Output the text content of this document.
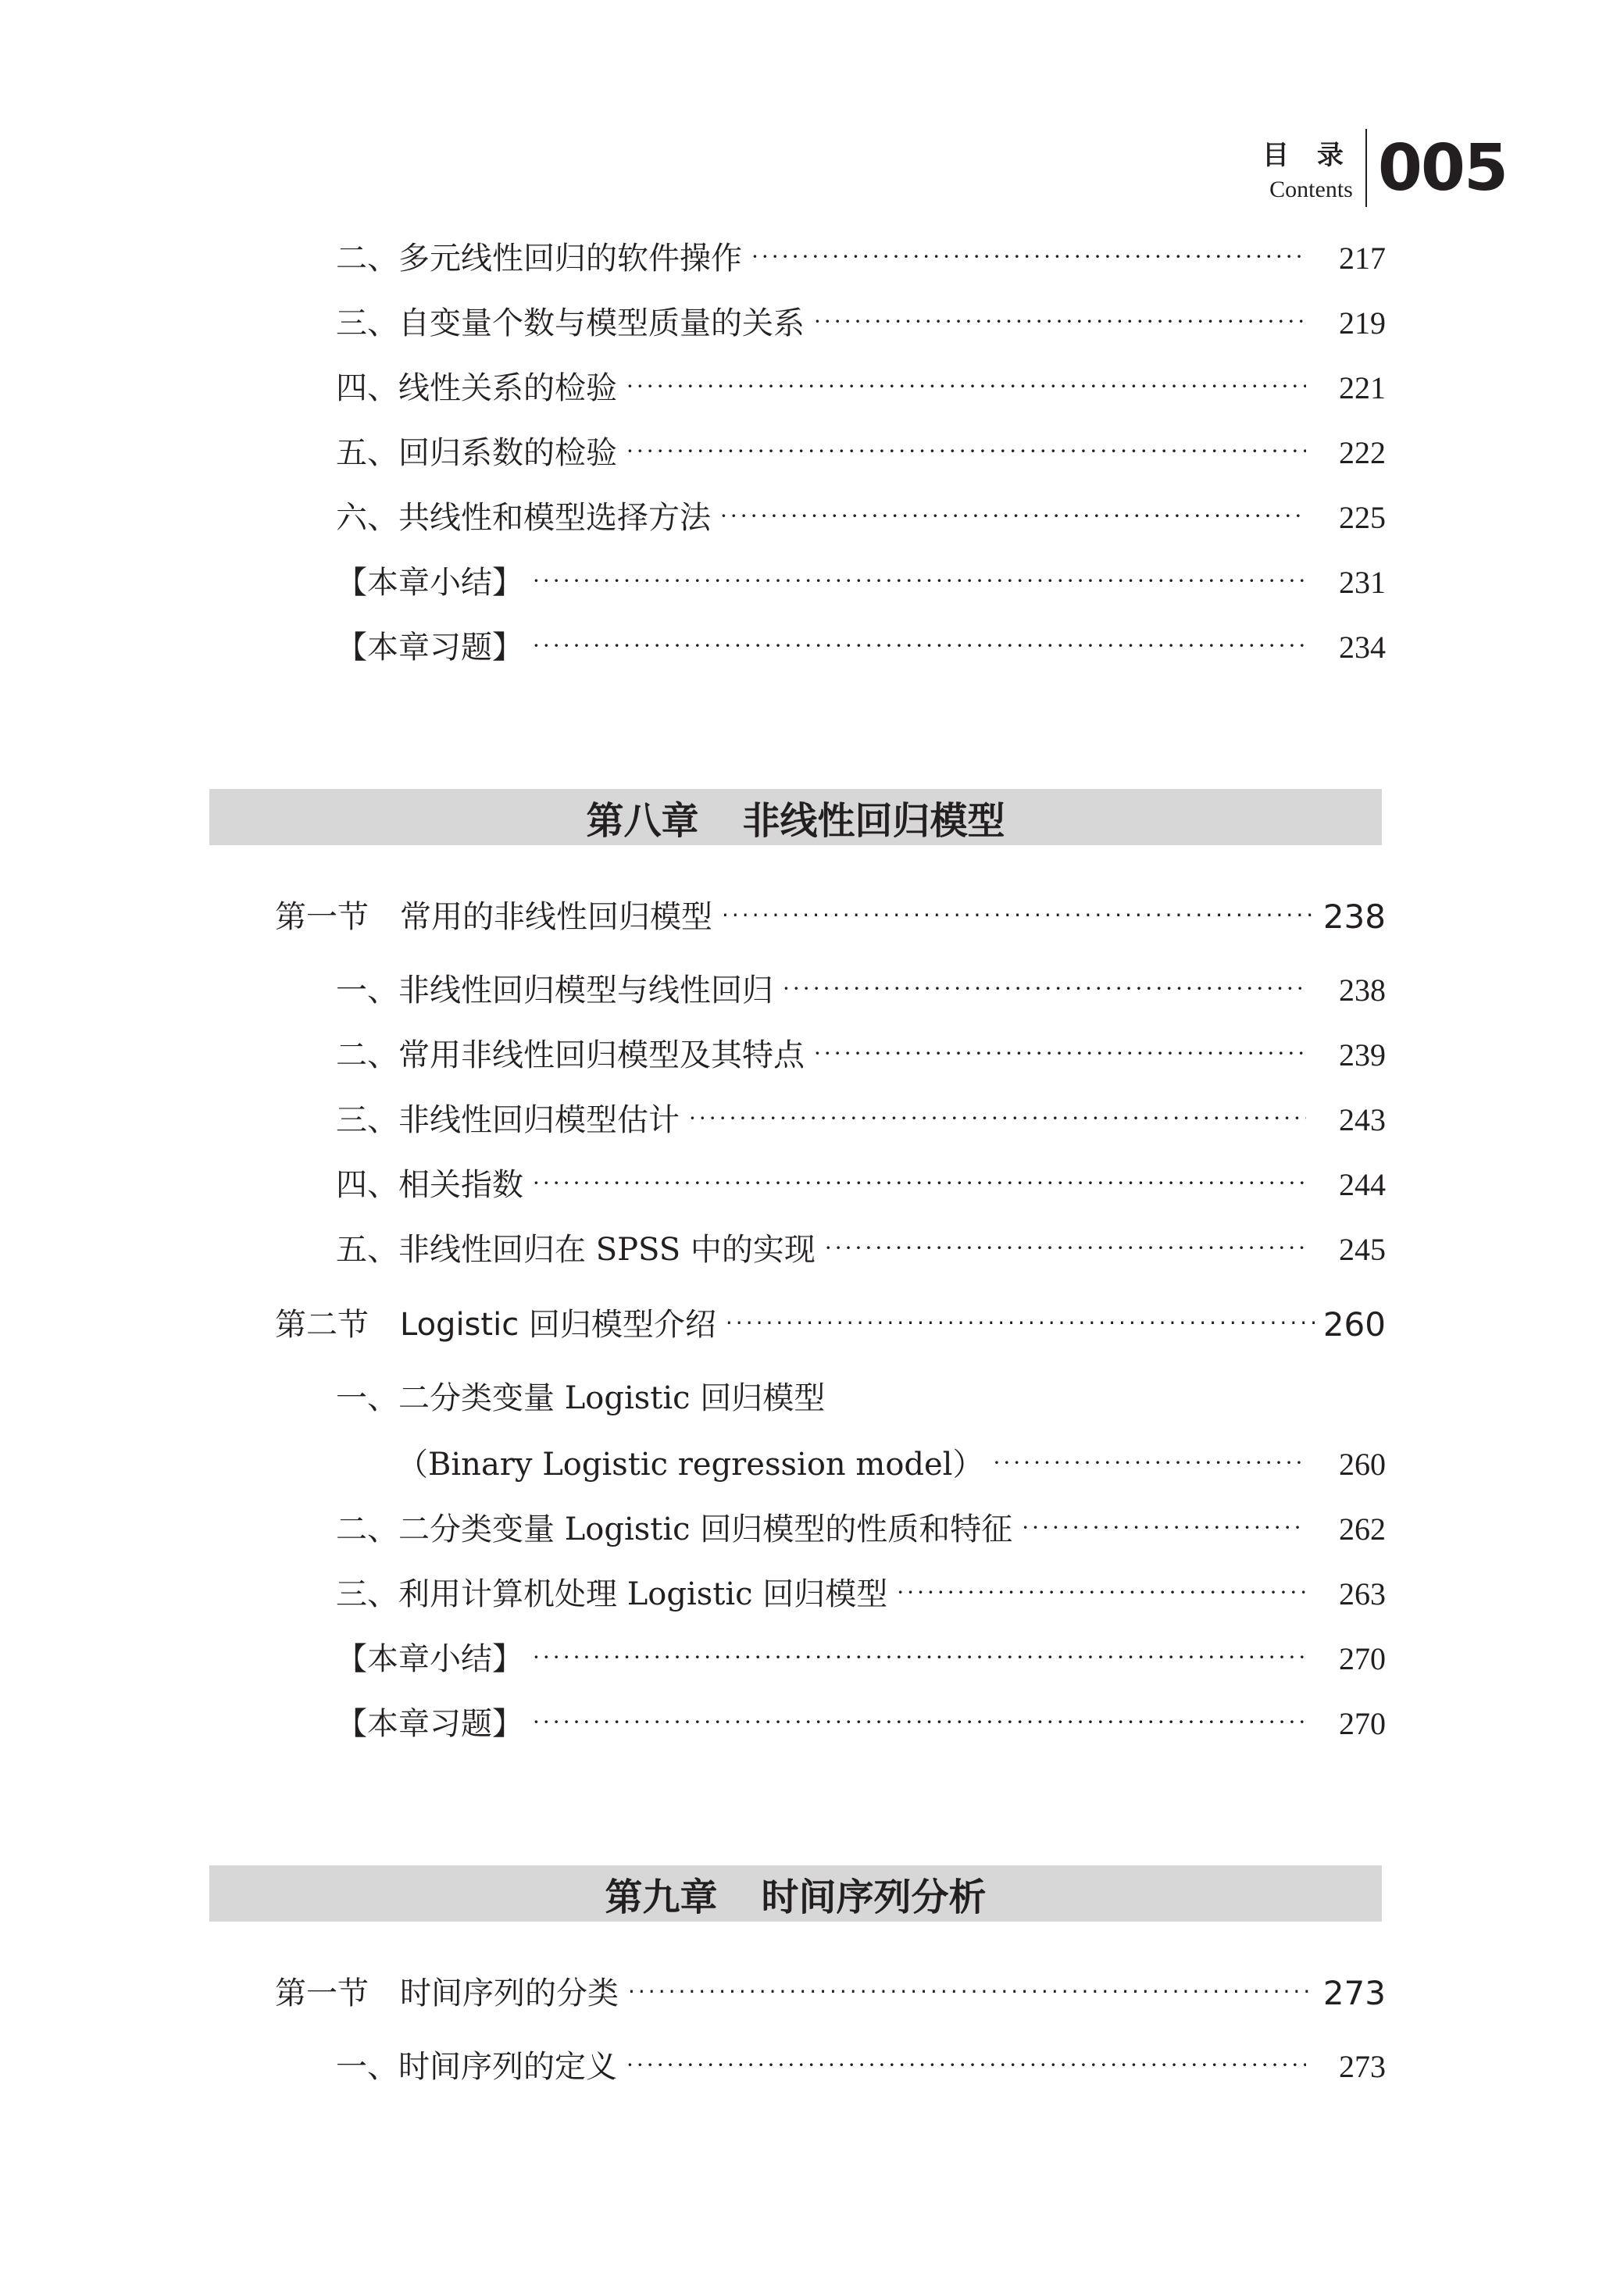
目 录
Contents 005
二、多元线性回归的软件操作 ·····	217
三、自变量个数与模型质量的关系 ·····	219
四、线性关系的检验 ·····	221
五、回归系数的检验 ·····	222
六、共线性和模型选择方法 ·····	225
【本章小结】 ·····	231
【本章习题】 ·····	234
第八章 非线性回归模型
第一节　常用的非线性回归模型 ·····	238
一、非线性回归模型与线性回归 ·····	238
二、常用非线性回归模型及其特点 ·····	239
三、非线性回归模型估计 ·····	243
四、相关指数 ·····	244
五、非线性回归在 SPSS 中的实现 ·····	245
第二节　Logistic 回归模型介绍 ·····	260
一、二分类变量 Logistic 回归模型
（Binary Logistic regression model） ·····	260
二、二分类变量 Logistic 回归模型的性质和特征 ·····	262
三、利用计算机处理 Logistic 回归模型 ·····	263
【本章小结】 ·····	270
【本章习题】 ·····	270
第九章 时间序列分析
第一节　时间序列的分类 ·····	273
一、时间序列的定义 ·····	273
